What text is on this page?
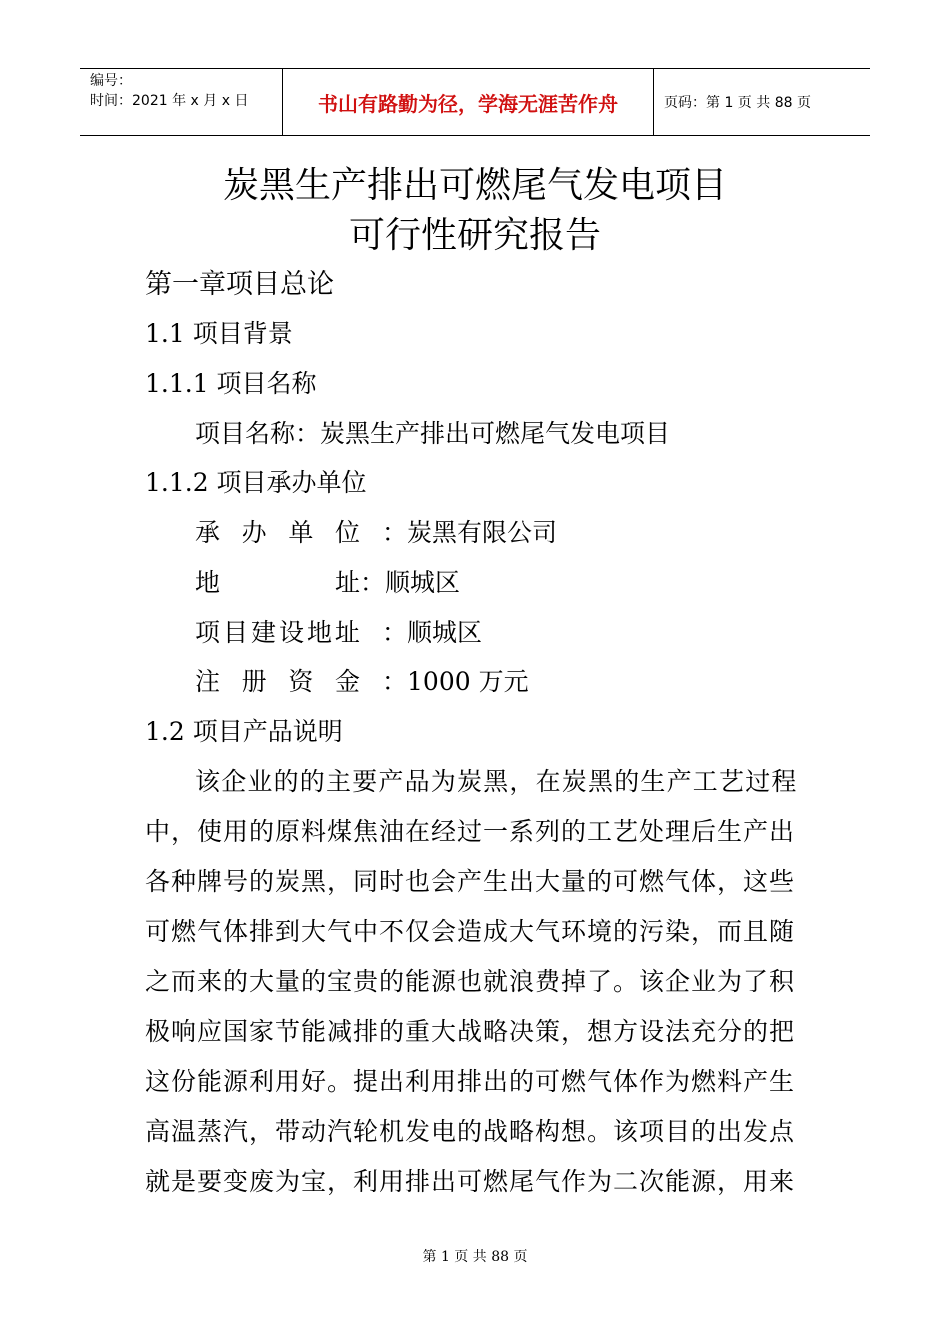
编号：
时间：2021 年 x 月 x 日	书山有路勤为径，学海无涯苦作舟	页码：第 1 页 共 88 页
炭黑生产排出可燃尾气发电项目
可行性研究报告
第一章项目总论
1.1 项目背景
1.1.1 项目名称
项目名称：炭黑生产排出可燃尾气发电项目
1.1.2 项目承办单位
承 办 单 位 ：炭黑有限公司
地	址 ：顺城区
项 目 建 设 地 址 ：顺城区
注 册 资 金 ：1000 万元
1.2 项目产品说明
该企业的的主要产品为炭黑，在炭黑的生产工艺过程
中，使用的原料煤焦油在经过一系列的工艺处理后生产出
各种牌号的炭黑，同时也会产生出大量的可燃气体，这些
可燃气体排到大气中不仅会造成大气环境的污染，而且随
之而来的大量的宝贵的能源也就浪费掉了。该企业为了积
极响应国家节能减排的重大战略决策，想方设法充分的把
这份能源利用好。提出利用排出的可燃气体作为燃料产生
高温蒸汽，带动汽轮机发电的战略构想。该项目的出发点
就是要变废为宝，利用排出可燃尾气作为二次能源，用来
第 1 页 共 88 页
